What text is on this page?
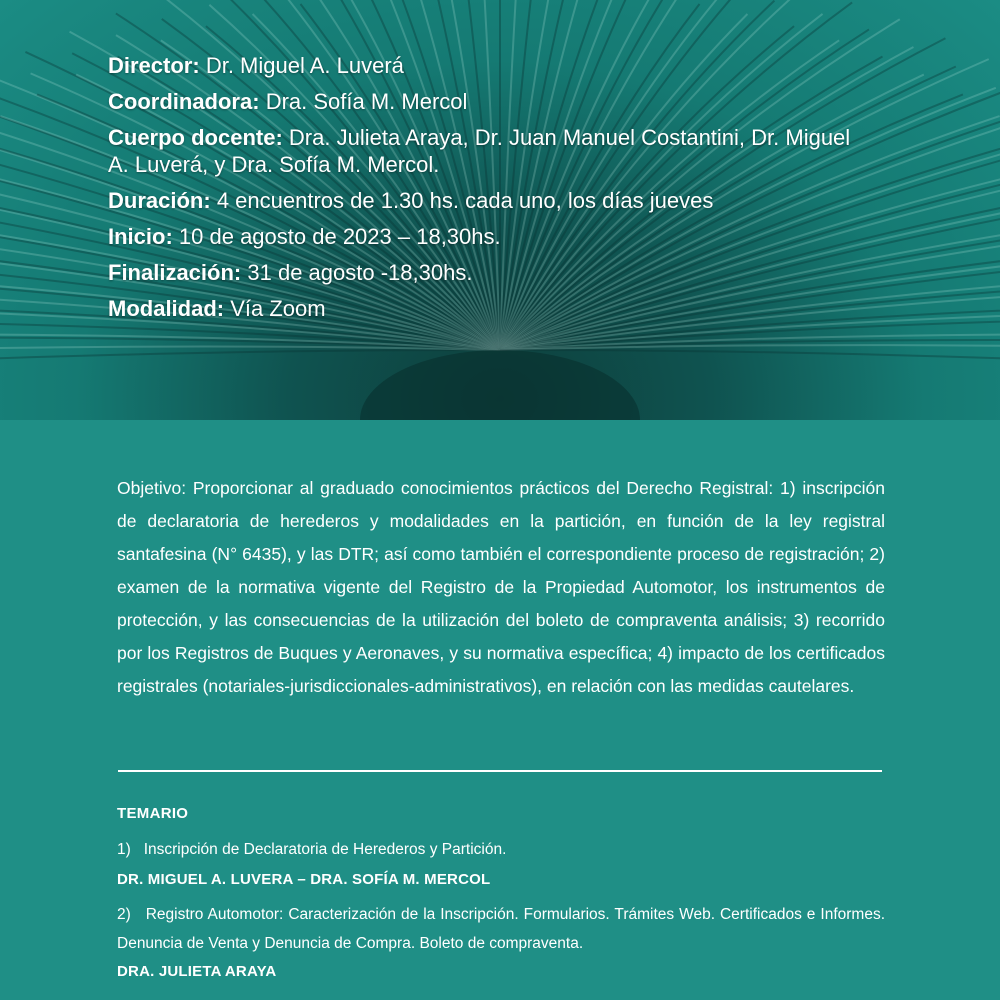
Director: Dr. Miguel A. Luverá
Coordinadora: Dra. Sofía M. Mercol
Cuerpo docente: Dra. Julieta Araya, Dr. Juan Manuel Costantini, Dr. Miguel A. Luverá, y Dra. Sofía M. Mercol.
Duración: 4 encuentros de 1.30 hs. cada uno, los días jueves
Inicio: 10 de agosto de 2023 – 18,30hs.
Finalización: 31 de agosto -18,30hs.
Modalidad: Vía Zoom
Objetivo: Proporcionar al graduado conocimientos prácticos del Derecho Registral: 1) inscripción de declaratoria de herederos y modalidades en la partición, en función de la ley registral santafesina (N° 6435), y las DTR; así como también el correspondiente proceso de registración; 2) examen de la normativa vigente del Registro de la Propiedad Automotor, los instrumentos de protección, y las consecuencias de la utilización del boleto de compraventa análisis; 3) recorrido por los Registros de Buques y Aeronaves, y su normativa específica; 4) impacto de los certificados registrales (notariales-jurisdiccionales-administrativos), en relación con las medidas cautelares.
TEMARIO
1)   Inscripción de Declaratoria de Herederos y Partición.
DR. MIGUEL A. LUVERA – DRA. SOFÍA M. MERCOL
2)   Registro Automotor: Caracterización de la Inscripción. Formularios. Trámites Web. Certificados e Informes. Denuncia de Venta y Denuncia de Compra. Boleto de compraventa.
DRA. JULIETA ARAYA
